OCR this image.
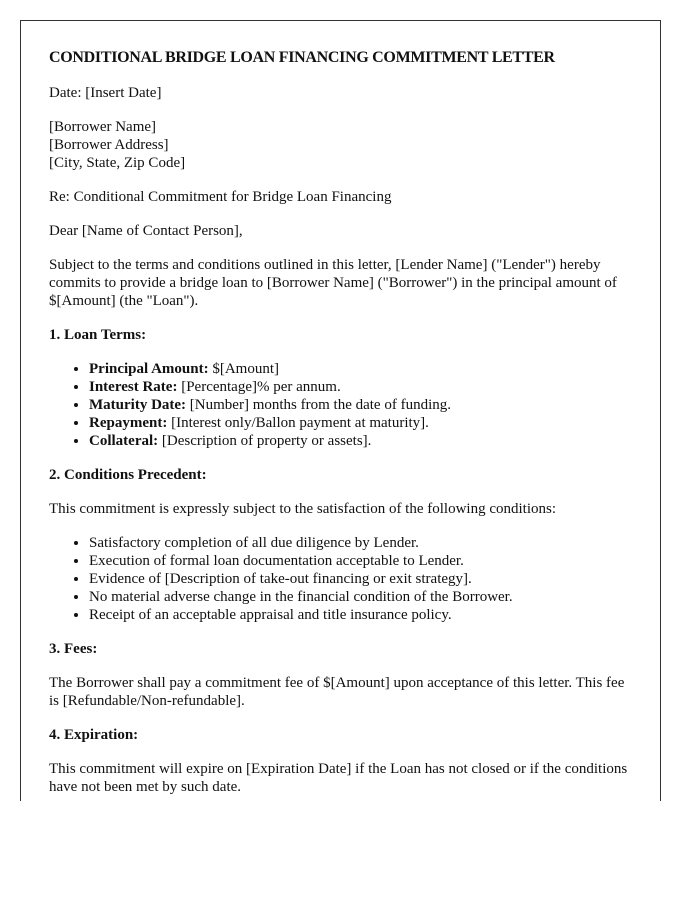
CONDITIONAL BRIDGE LOAN FINANCING COMMITMENT LETTER

Date: [Insert Date]

[Borrower Name]
[Borrower Address]
[City, State, Zip Code]

Re: Conditional Commitment for Bridge Loan Financing

Dear [Name of Contact Person],

Subject to the terms and conditions outlined in this letter, [Lender Name] ("Lender") hereby commits to provide a bridge loan to [Borrower Name] ("Borrower") in the principal amount of $[Amount] (the "Loan").

1. Loan Terms:
• Principal Amount: $[Amount]
• Interest Rate: [Percentage]% per annum.
• Maturity Date: [Number] months from the date of funding.
• Repayment: [Interest only/Ballon payment at maturity].
• Collateral: [Description of property or assets].
2. Conditions Precedent:

This commitment is expressly subject to the satisfaction of the following conditions:

• Satisfactory completion of all due diligence by Lender.
• Execution of formal loan documentation acceptable to Lender.
• Evidence of [Description of take-out financing or exit strategy].
• No material adverse change in the financial condition of the Borrower.
• Receipt of an acceptable appraisal and title insurance policy.
3. Fees:

The Borrower shall pay a commitment fee of $[Amount] upon acceptance of this letter. This fee is [Refundable/Non-refundable].

4. Expiration:

This commitment will expire on [Expiration Date] if the Loan has not closed or if the conditions have not been met by such date.
